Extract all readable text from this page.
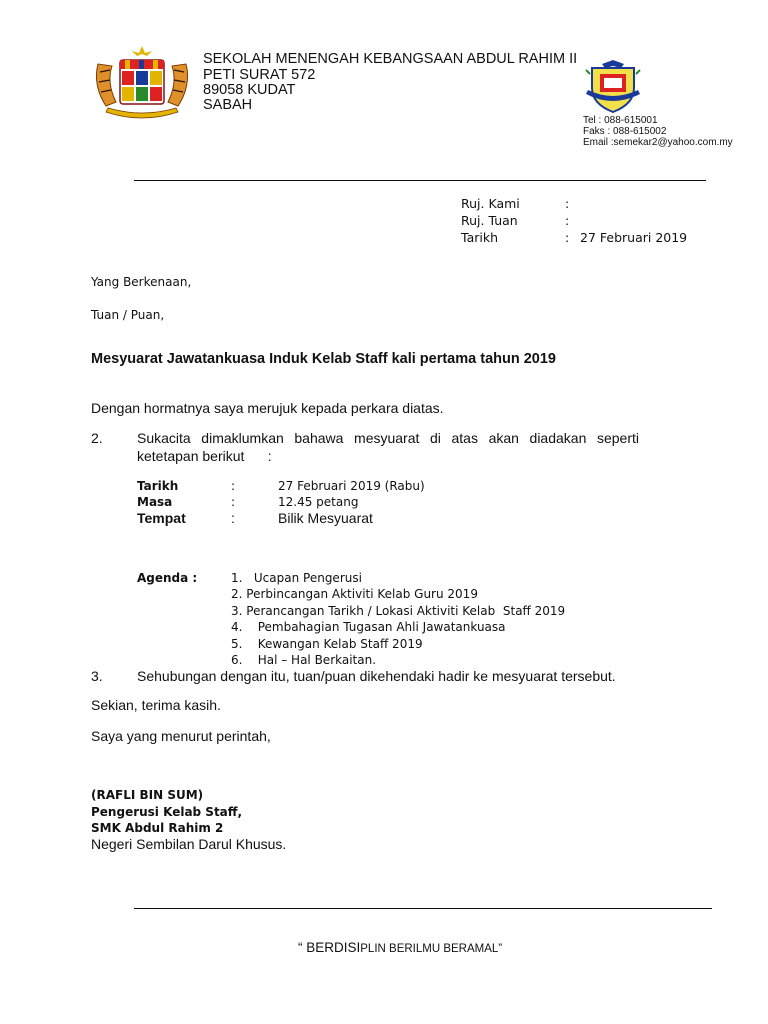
SEKOLAH MENENGAH KEBANGSAAN ABDUL RAHIM II
PETI SURAT 572
89058 KUDAT
SABAH
Tel : 088-615001
Faks : 088-615002
Email :semekar2@yahoo.com.my
Ruj. Kami	:
Ruj. Tuan	:
Tarikh	: 27 Februari 2019
Yang Berkenaan,
Tuan / Puan,
Mesyuarat Jawatankuasa Induk Kelab Staff kali pertama tahun 2019
Dengan hormatnya saya merujuk kepada perkara diatas.
2. Sukacita dimaklumkan bahawa mesyuarat di atas akan diadakan seperti
ketetapan berikut      :
Tarikh	:	27 Februari 2019 (Rabu)
Masa	:	12.45 petang
Tempat	:	Bilik Mesyuarat
Agenda :	1.   Ucapan Pengerusi
2. Perbincangan Aktiviti Kelab Guru 2019
3. Perancangan Tarikh / Lokasi Aktiviti Kelab  Staff 2019
4.    Pembahagian Tugasan Ahli Jawatankuasa
5.    Kewangan Kelab Staff 2019
6.    Hal – Hal Berkaitan.
3. Sehubungan dengan itu, tuan/puan dikehendaki hadir ke mesyuarat tersebut.
Sekian, terima kasih.
Saya yang menurut perintah,
(RAFLI BIN SUM)
Pengerusi Kelab Staff,
SMK Abdul Rahim 2
Negeri Sembilan Darul Khusus.
“ BERDISIPLIN BERILMU BERAMAL”
